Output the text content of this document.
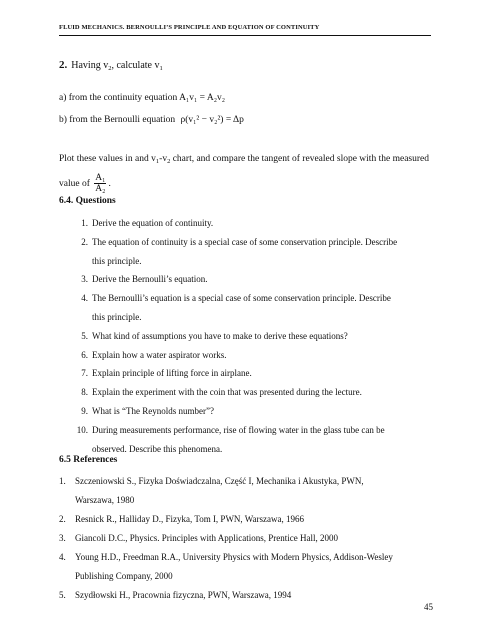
FLUID MECHANICS. BERNOULLI’S PRINCIPLE AND EQUATION OF CONTINUITY
2. Having $v_2$, calculate $v_1$
a) from the continuity equation A₁v₁ = A₂v₂
b) from the Bernoulli equation ρ(v₁² − v₂²) = Δp
Plot these values in and $v_1-v_2$ chart, and compare the tangent of revealed slope with the measured value of $\frac{\text{A₁}}{\text{A₂}}$ .
6.4. Questions
1. Derive the equation of continuity.
2. The equation of continuity is a special case of some conservation principle. Describe
this principle.
3. Derive the Bernoulli’s equation.
4. The Bernoulli’s equation is a special case of some conservation principle. Describe
this principle.
5. What kind of assumptions you have to make to derive these equations?
6. Explain how a water aspirator works.
7. Explain principle of lifting force in airplane.
8. Explain the experiment with the coin that was presented during the lecture.
9. What is “The Reynolds number”?
10. During measurements performance, rise of flowing water in the glass tube can be
observed. Describe this phenomena.
6.5 References
1.	Szczeniowski S., Fizyka Doświadczalna, Część I, Mechanika i Akustyka, PWN,
Warszawa, 1980
2.	Resnick R., Halliday D., Fizyka, Tom I, PWN, Warszawa, 1966
3.	Giancoli D.C., Physics. Principles with Applications, Prentice Hall, 2000
4.	Young H.D., Freedman R.A., University Physics with Modern Physics, Addison-Wesley
Publishing Company, 2000
5.	Szydłowski H., Pracownia fizyczna, PWN, Warszawa, 1994
45
